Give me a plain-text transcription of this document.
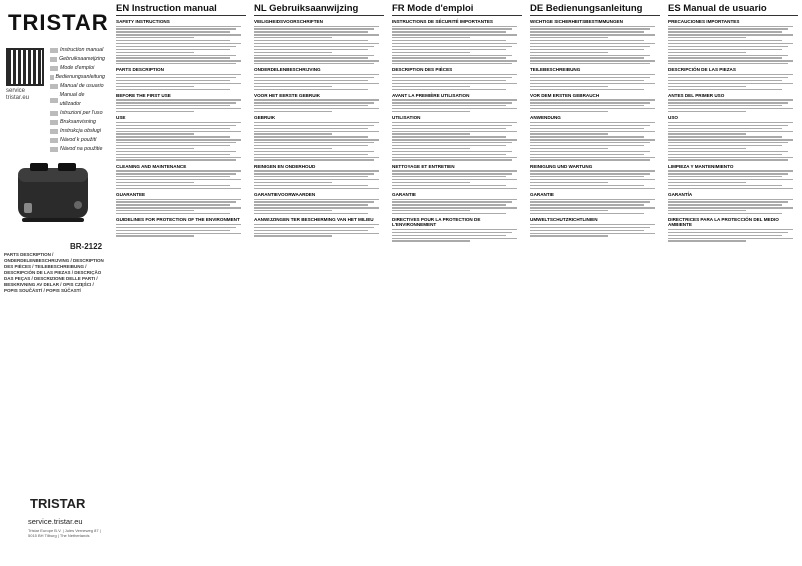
TRISTAR
service
tristar.eu
Instruction manual
Gebruiksaanwijzing
Mode d'emploi
Bedienungsanleitung
Manual de usuario
Manual de utilizador
Istruzioni per l'uso
Bruksanvisning
Instrukcja obsługi
Návod k použití
Návod na použitie
BR-2122
PARTS DESCRIPTION / ONDERDELENBESCHRIJVING / DESCRIPTION DES PIÈCES / TEILEBESCHREIBUNG / DESCRIPCIÓN DE LAS PIEZAS / DESCRIÇÃO DAS PEÇAS / DESCRIZIONE DELLE PARTI / BESKRIVNING AV DELAR / OPIS CZĘŚCI / POPIS SOUČÁSTÍ / POPIS SÚČASTÍ
TRISTAR
service.tristar.eu
Tristar Europe B.V. | Jules Verneweg 87 | 5015 BH Tilburg | The Netherlands
EN Instruction manual
SAFETY INSTRUCTIONS
PARTS DESCRIPTION
BEFORE THE FIRST USE
USE
CLEANING AND MAINTENANCE
GUARANTEE
GUIDELINES FOR PROTECTION OF THE ENVIRONMENT
NL Gebruiksaanwijzing
VEILIGHEIDSVOORSCHRIFTEN
ONDERDELENBESCHRIJVING
VOOR HET EERSTE GEBRUIK
GEBRUIK
REINIGEN EN ONDERHOUD
GARANTIEVOORWAARDEN
AANWIJZINGEN TER BESCHERMING VAN HET MILIEU
FR Mode d'emploi
INSTRUCTIONS DE SÉCURITÉ IMPORTANTES
DESCRIPTION DES PIÈCES
AVANT LA PREMIÈRE UTILISATION
UTILISATION
NETTOYAGE ET ENTRETIEN
GARANTIE
DIRECTIVES POUR LA PROTECTION DE L'ENVIRONNEMENT
DE Bedienungsanleitung
WICHTIGE SICHERHEITSBESTIMMUNGEN
TEILEBESCHREIBUNG
VOR DEM ERSTEN GEBRAUCH
ANWENDUNG
REINIGUNG UND WARTUNG
GARANTIE
UMWELTSCHUTZRICHTLINIEN
ES Manual de usuario
PRECAUCIONES IMPORTANTES
DESCRIPCIÓN DE LAS PIEZAS
ANTES DEL PRIMER USO
USO
LIMPIEZA Y MANTENIMIENTO
GARANTÍA
DIRECTRICES PARA LA PROTECCIÓN DEL MEDIO AMBIENTE
